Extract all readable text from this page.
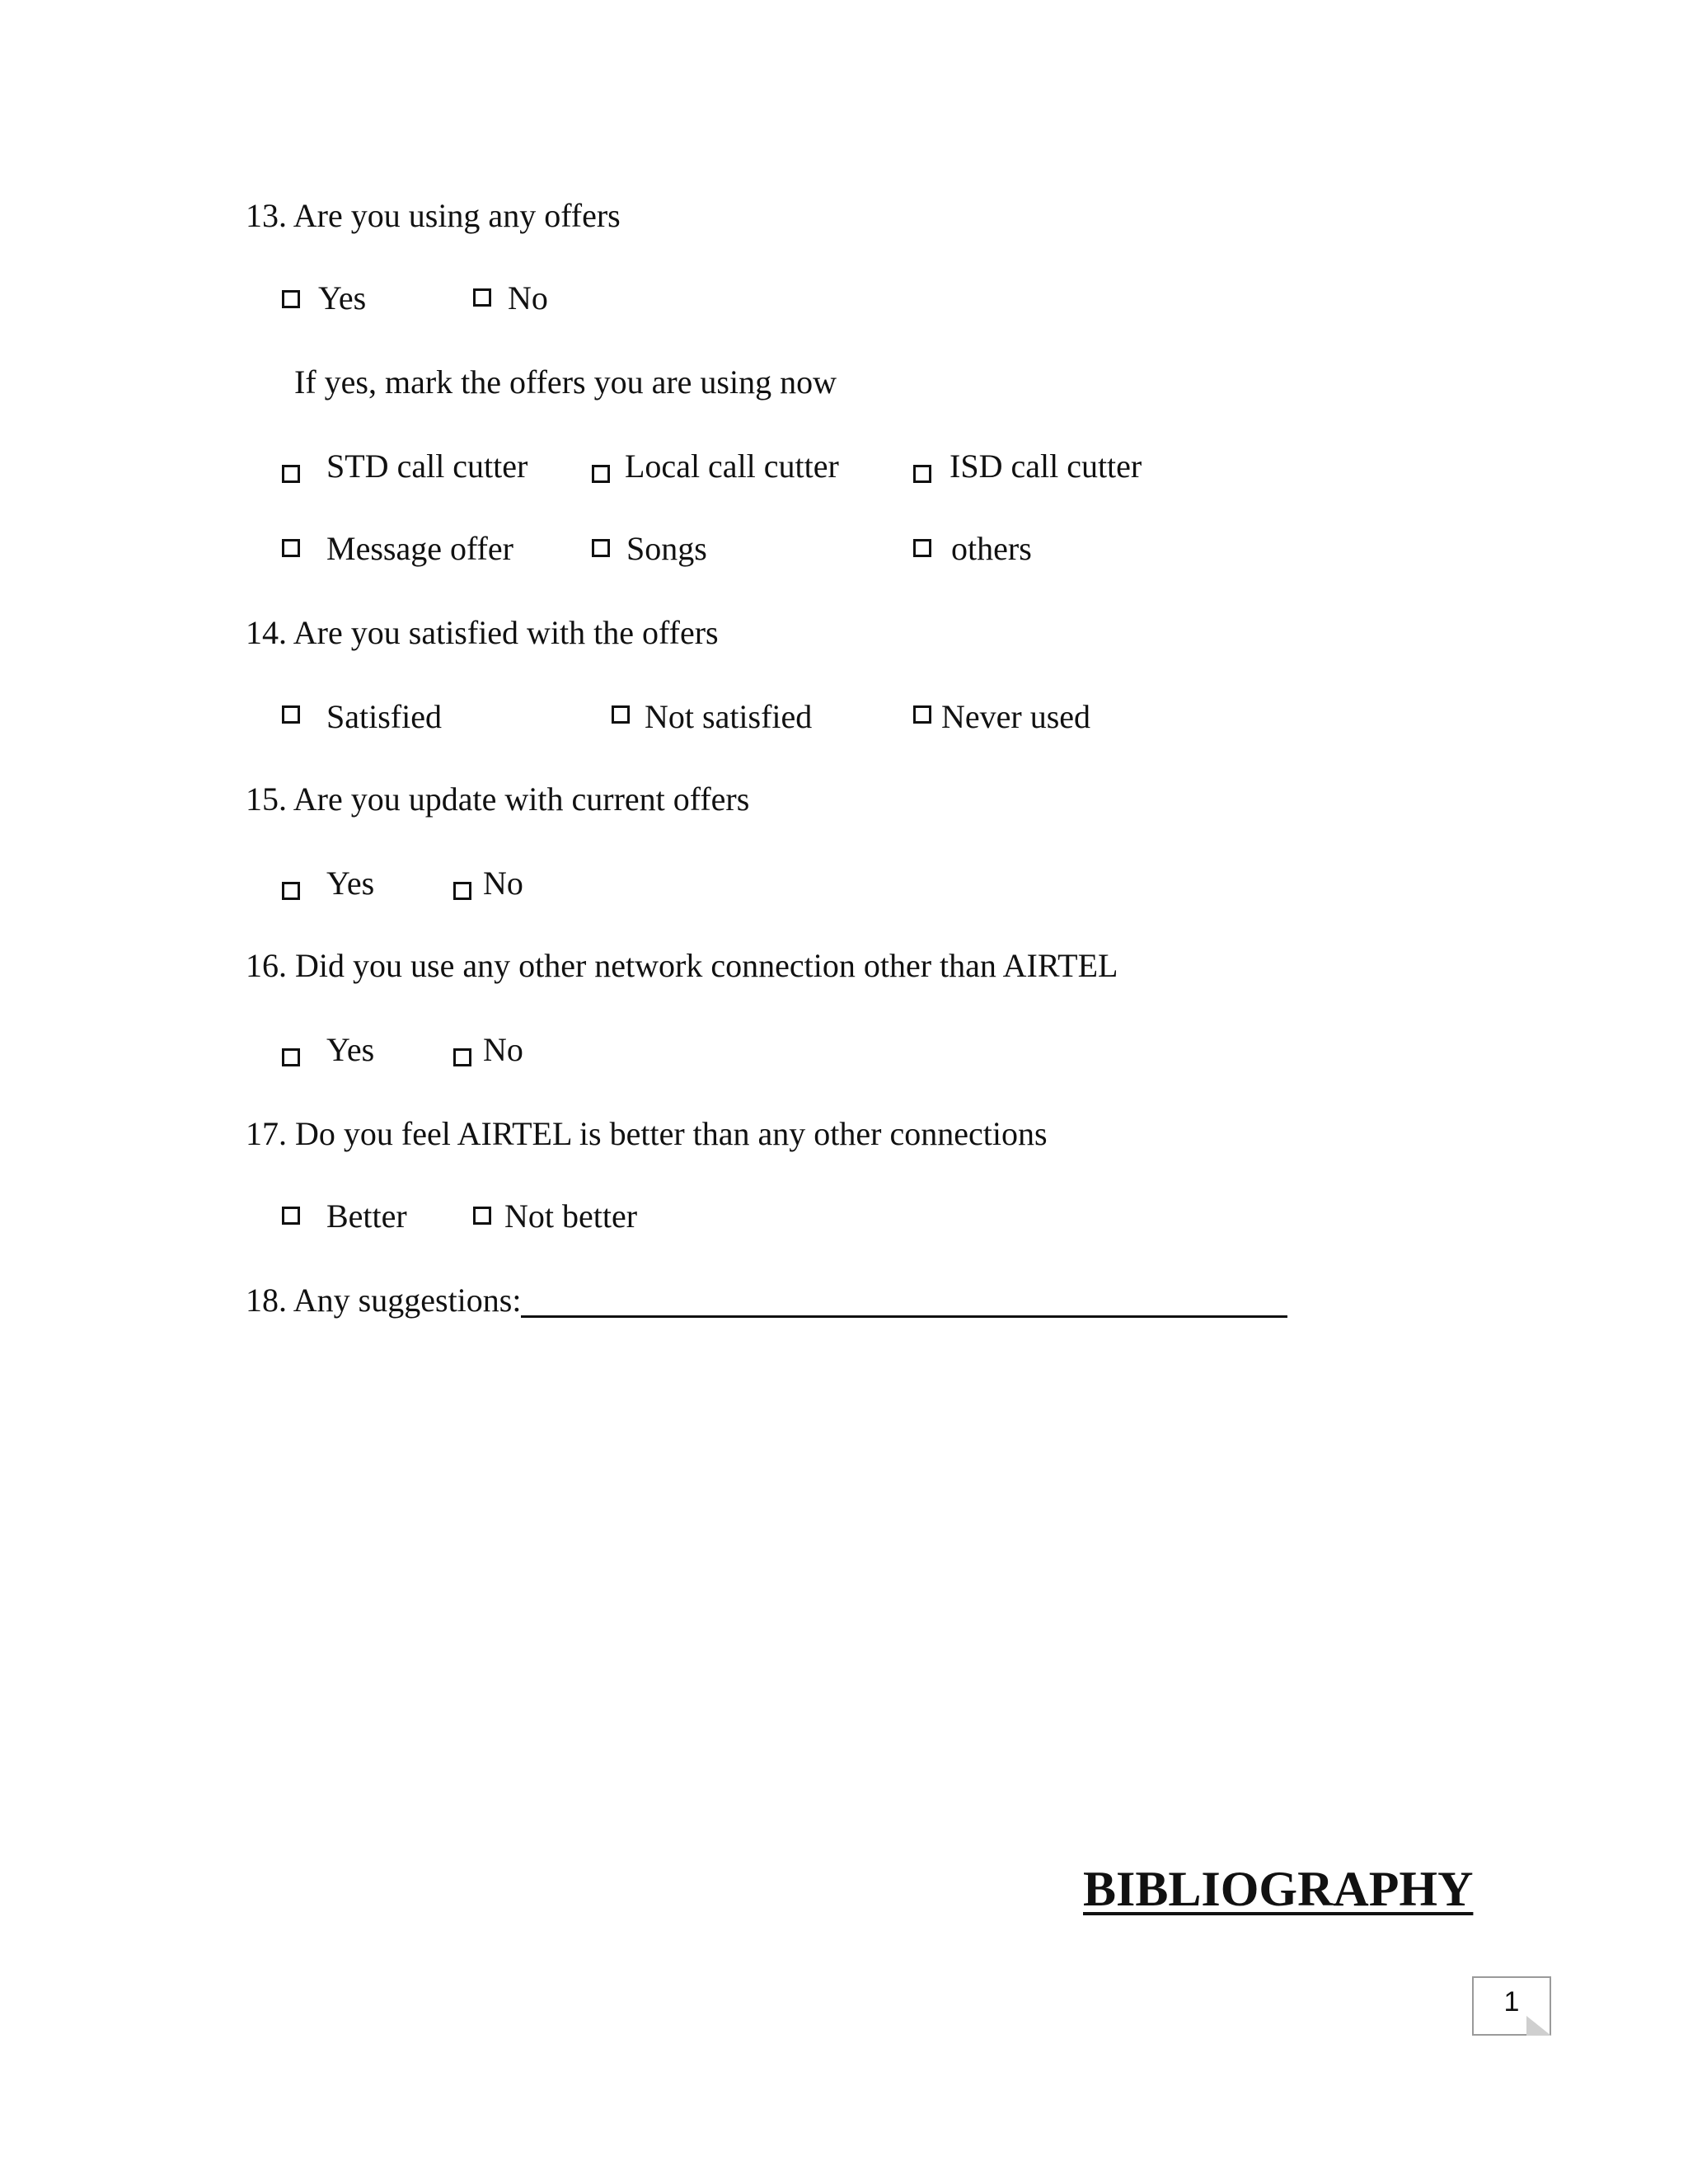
13. Are you using any offers
Yes	No
If yes, mark the offers you are using now
STD call cutter	Local call cutter	ISD call cutter
Message offer	Songs	others
14. Are you satisfied with the offers
Satisfied	Not satisfied	Never used
15. Are you update with current offers
Yes	No
16. Did you use any other network connection other than AIRTEL
Yes	No
17. Do you feel AIRTEL is better than any other connections
Better	Not better
18. Any suggestions:
BIBLIOGRAPHY
1
